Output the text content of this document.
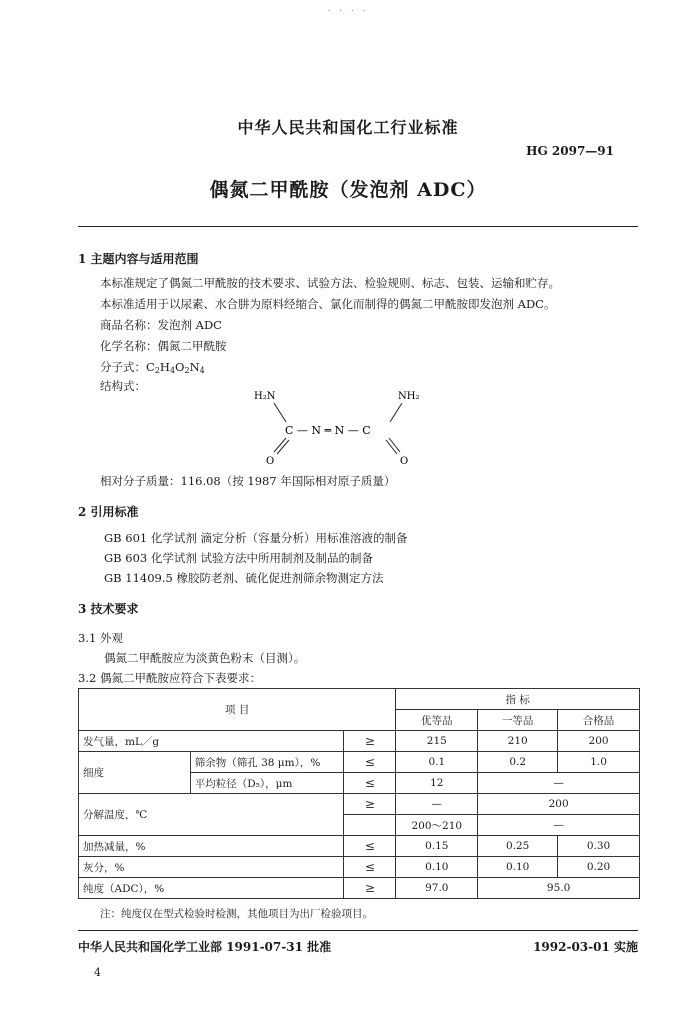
. . . .
中华人民共和国化工行业标准
HG 2097—91
偶氮二甲酰胺（发泡剂 ADC）
1 主题内容与适用范围
本标准规定了偶氮二甲酰胺的技术要求、试验方法、检验规则、标志、包装、运输和贮存。
本标准适用于以尿素、水合肼为原料经缩合、氯化而制得的偶氮二甲酰胺即发泡剂 ADC。
商品名称：发泡剂 ADC
化学名称：偶氮二甲酰胺
分子式：$C_2H_4O_2N_4$
结构式：
H₂N	NH₂
C — N ═ N — C
O	O
相对分子质量：116.08（按 1987 年国际相对原子质量）
2 引用标准
GB 601 化学试剂 滴定分析（容量分析）用标准溶液的制备
GB 603 化学试剂 试验方法中所用制剂及制品的制备
GB 11409.5 橡胶防老剂、硫化促进剂筛余物测定方法
3 技术要求
3.1 外观
偶氮二甲酰胺应为淡黄色粉末（目测）。
3.2 偶氮二甲酰胺应符合下表要求：
项 目			指 标		
			优等品	一等品	合格品
发气量，mL／g		≥	215	210	200
细度	筛余物（筛孔 38 μm），%	≤	0.1	0.2	1.0
	平均粒径（D₅），μm	≤	12	—	
分解温度，℃		≥	—	200	
			200～210	—	
加热减量，%		≤	0.15	0.25	0.30
灰分，%		≤	0.10	0.10	0.20
纯度（ADC），%		≥	97.0	95.0	
注：纯度仅在型式检验时检测，其他项目为出厂检验项目。
中华人民共和国化学工业部 1991-07-31 批准	1992-03-01 实施
4
